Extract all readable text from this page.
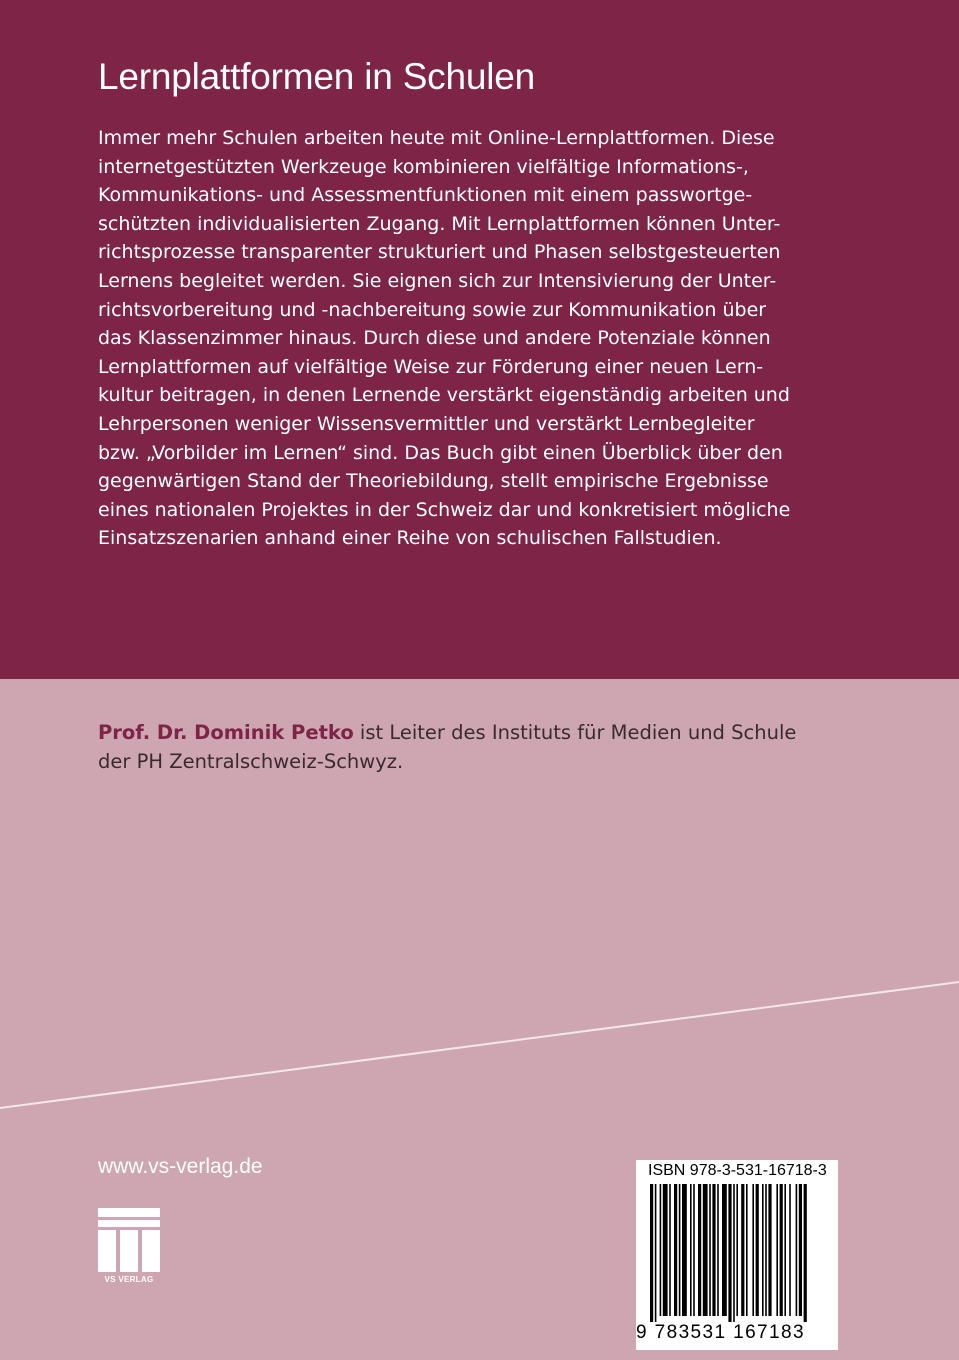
Lernplattformen in Schulen

Immer mehr Schulen arbeiten heute mit Online-Lernplattformen. Diese
internetgestützten Werkzeuge kombinieren vielfältige Informations-,
Kommunikations- und Assessmentfunktionen mit einem passwortge-
schützten individualisierten Zugang. Mit Lernplattformen können Unter-
richtsprozesse transparenter strukturiert und Phasen selbstgesteuerten
Lernens begleitet werden. Sie eignen sich zur Intensivierung der Unter-
richtsvorbereitung und -nachbereitung sowie zur Kommunikation über
das Klassenzimmer hinaus. Durch diese und andere Potenziale können
Lernplattformen auf vielfältige Weise zur Förderung einer neuen Lern-
kultur beitragen, in denen Lernende verstärkt eigenständig arbeiten und
Lehrpersonen weniger Wissensvermittler und verstärkt Lernbegleiter
bzw. „Vorbilder im Lernen“ sind. Das Buch gibt einen Überblick über den
gegenwärtigen Stand der Theoriebildung, stellt empirische Ergebnisse
eines nationalen Projektes in der Schweiz dar und konkretisiert mögliche
Einsatzszenarien anhand einer Reihe von schulischen Fallstudien.

Prof. Dr. Dominik Petko ist Leiter des Instituts für Medien und Schule
der PH Zentralschweiz-Schwyz.

www.vs-verlag.de
VS VERLAG
ISBN 978-3-531-16718-3
9 783531 167183
